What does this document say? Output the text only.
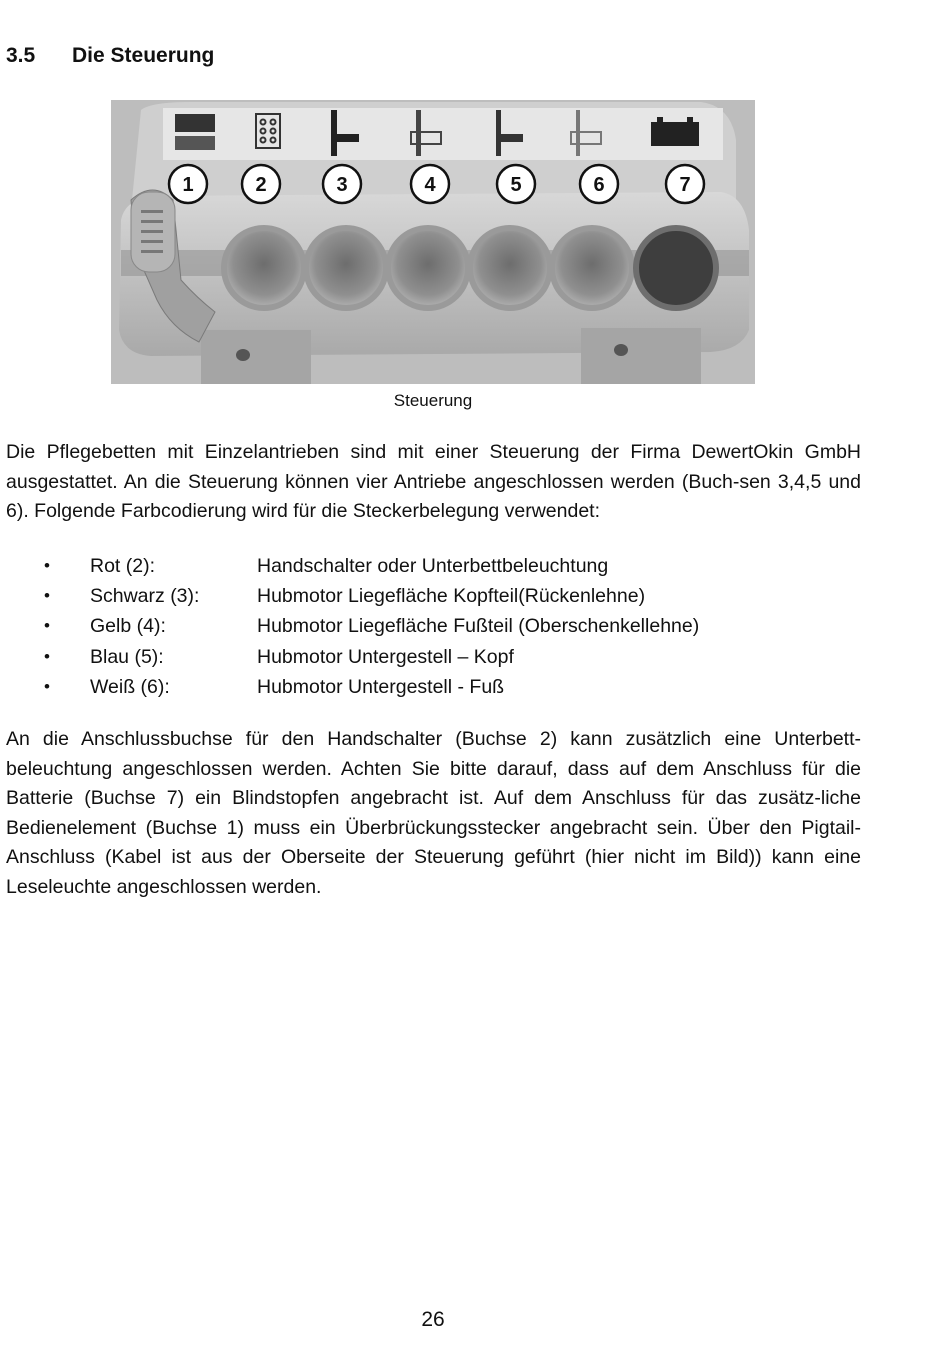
3.5	Die Steuerung
1	2	3	4	5	6	7
Steuerung

Die Pflegebetten mit Einzelantrieben sind mit einer Steuerung der Firma DewertOkin GmbH ausgestattet. An die Steuerung können vier Antriebe angeschlossen werden (Buch-sen 3,4,5 und 6). Folgende Farbcodierung wird für die Steckerbelegung verwendet:

•	Rot (2):	Handschalter oder Unterbettbeleuchtung
•	Schwarz (3):	Hubmotor Liegefläche Kopfteil(Rückenlehne)
•	Gelb (4):	Hubmotor Liegefläche Fußteil (Oberschenkellehne)
•	Blau (5):	Hubmotor Untergestell – Kopf
•	Weiß (6):	Hubmotor Untergestell - Fuß

An die Anschlussbuchse für den Handschalter (Buchse 2) kann zusätzlich eine Unterbett-beleuchtung angeschlossen werden. Achten Sie bitte darauf, dass auf dem Anschluss für die Batterie (Buchse 7) ein Blindstopfen angebracht ist. Auf dem Anschluss für das zusätz-liche Bedienelement (Buchse 1) muss ein Überbrückungsstecker angebracht sein. Über den Pigtail-Anschluss (Kabel ist aus der Oberseite der Steuerung geführt (hier nicht im Bild)) kann eine Leseleuchte angeschlossen werden.

26
